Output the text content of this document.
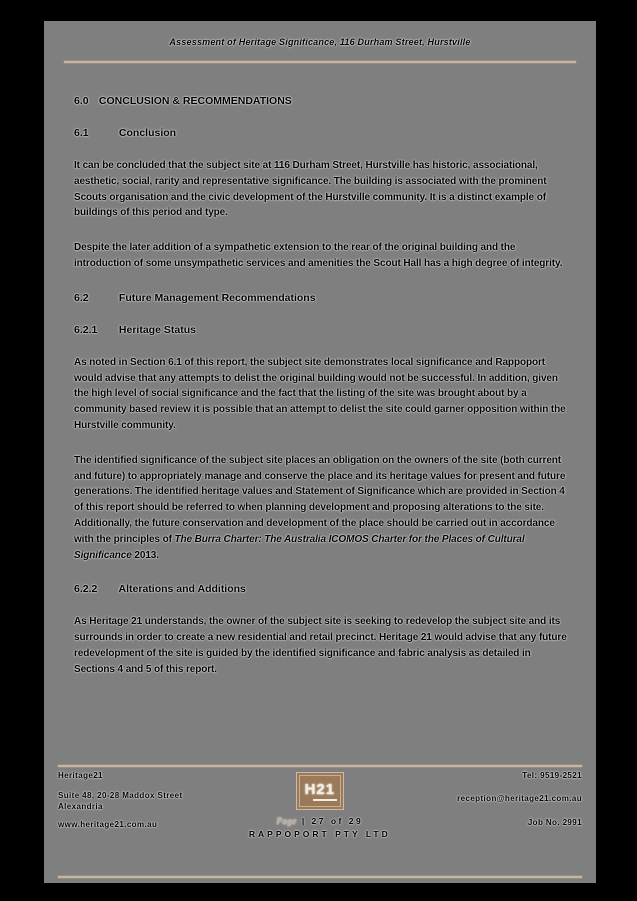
Assessment of Heritage Significance, 116 Durham Street, Hurstville
6.0 CONCLUSION & RECOMMENDATIONS
6.1	Conclusion

It can be concluded that the subject site at 116 Durham Street, Hurstville has historic, associational, aesthetic, social, rarity and representative significance. The building is associated with the prominent Scouts organisation and the civic development of the Hurstville community. It is a distinct example of buildings of this period and type.

Despite the later addition of a sympathetic extension to the rear of the original building and the introduction of some unsympathetic services and amenities the Scout Hall has a high degree of integrity.

6.2	Future Management Recommendations
6.2.1 Heritage Status

As noted in Section 6.1 of this report, the subject site demonstrates local significance and Rappoport would advise that any attempts to delist the original building would not be successful. In addition, given the high level of social significance and the fact that the listing of the site was brought about by a community based review it is possible that an attempt to delist the site could garner opposition within the Hurstville community.

The identified significance of the subject site places an obligation on the owners of the site (both current and future) to appropriately manage and conserve the place and its heritage values for present and future generations. The identified heritage values and Statement of Significance which are provided in Section 4 of this report should be referred to when planning development and proposing alterations to the site. Additionally, the future conservation and development of the place should be carried out in accordance with the principles of The Burra Charter: The Australia ICOMOS Charter for the Places of Cultural Significance 2013.

6.2.2 Alterations and Additions

As Heritage 21 understands, the owner of the subject site is seeking to redevelop the subject site and its surrounds in order to create a new residential and retail precinct. Heritage 21 would advise that any future redevelopment of the site is guided by the identified significance and fabric analysis as detailed in Sections 4 and 5 of this report.

Heritage21
Suite 48, 20-28 Maddox Street
Alexandria
www.heritage21.com.au
H21
Page | 27 of 29
RAPPOPORT PTY LTD
Tel: 9519-2521
reception@heritage21.com.au
Job No. 2991
